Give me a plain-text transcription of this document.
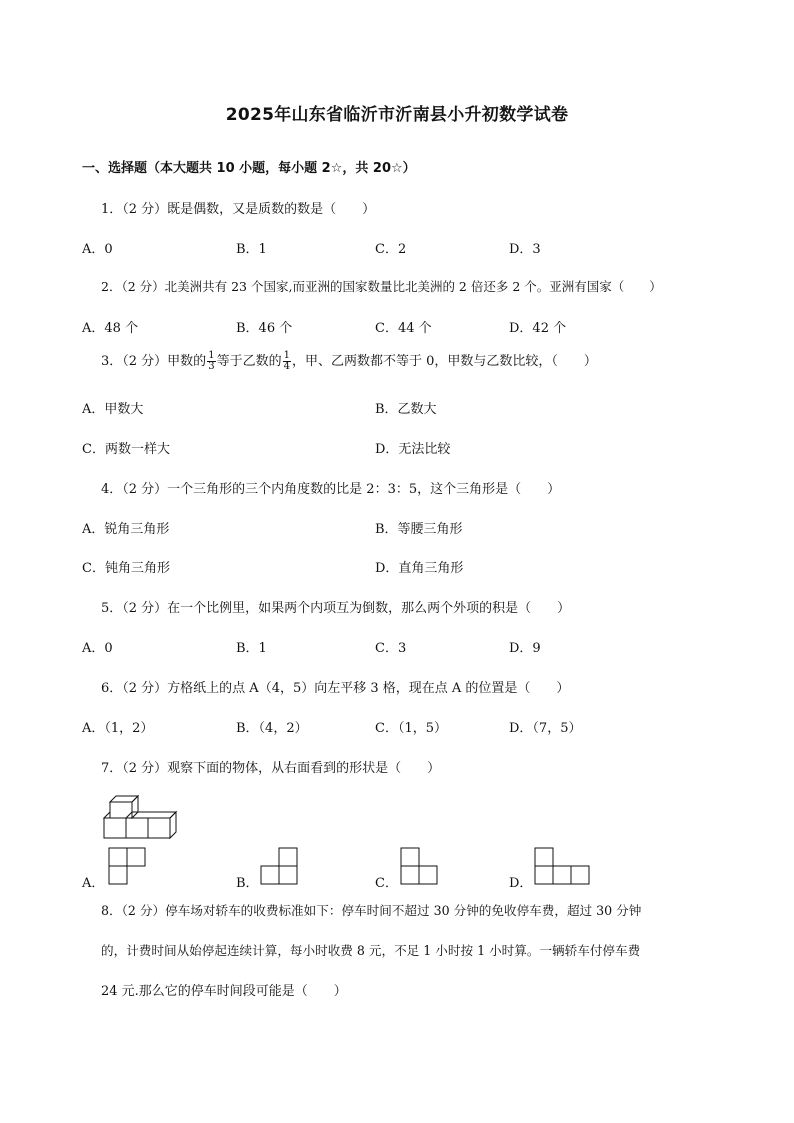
2025年山东省临沂市沂南县小升初数学试卷
一、选择题（本大题共 10 小题，每小题 2☆，共 20☆）
1．（2 分）既是偶数，又是质数的数是（　　）
A．0	B．1	C．2	D．3
2．（2 分）北美洲共有 23 个国家,而亚洲的国家数量比北美洲的 2 倍还多 2 个。亚洲有国家（　　）
A．48 个	B．46 个	C．44 个	D．42 个
3．（2 分）甲数的 $\frac{1}{3}$ 等于乙数的 $\frac{1}{4}$ ，甲、乙两数都不等于 0，甲数与乙数比较，（　　）
A．甲数大	B．乙数大
C．两数一样大	D．无法比较
4．（2 分）一个三角形的三个内角度数的比是 2：3：5，这个三角形是（　　）
A．锐角三角形	B．等腰三角形
C．钝角三角形	D．直角三角形
5．（2 分）在一个比例里，如果两个内项互为倒数，那么两个外项的积是（　　）
A．0	B．1	C．3	D．9
6．（2 分）方格纸上的点 A（4，5）向左平移 3 格，现在点 A 的位置是（　　）
A．（1，2）	B．（4，2）	C．（1，5）	D．（7，5）
7．（2 分）观察下面的物体，从右面看到的形状是（　　）
A．	B．	C．	D．
8．（2 分）停车场对轿车的收费标准如下：停车时间不超过 30 分钟的免收停车费，超过 30 分钟
的，计费时间从始停起连续计算，每小时收费 8 元，不足 1 小时按 1 小时算。一辆轿车付停车费
24 元.那么它的停车时间段可能是（　　）
